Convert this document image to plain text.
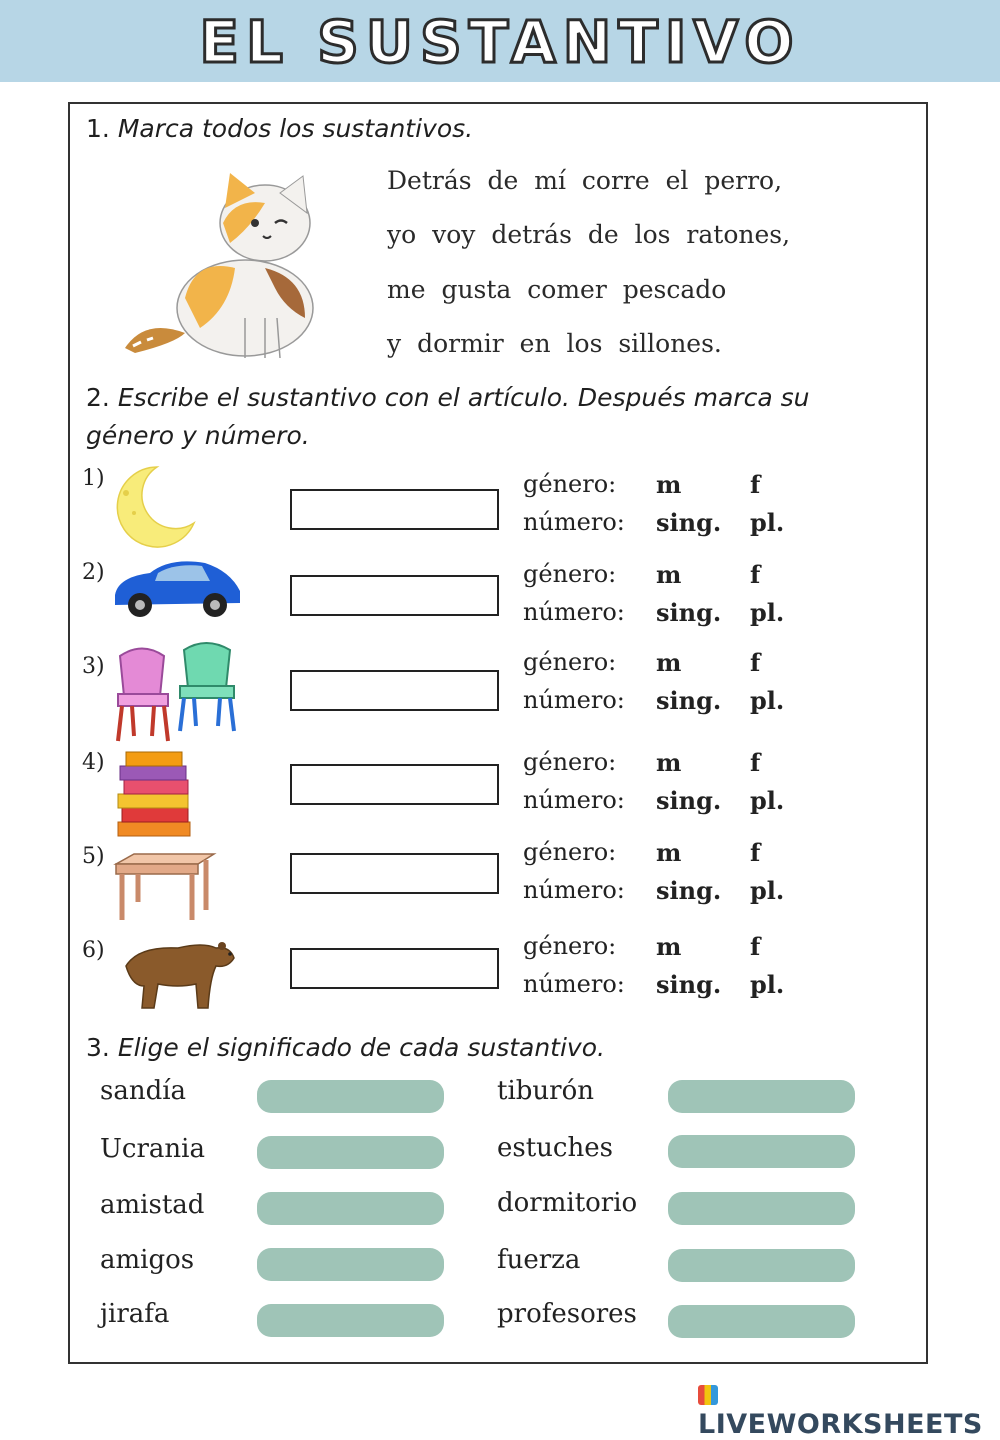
EL SUSTANTIVO
1. Marca todos los sustantivos.
Detrás de mí corre el perro,
yo voy detrás de los ratones,
me gusta comer pescado
y dormir en los sillones.
2. Escribe el sustantivo con el artículo. Después marca su
género y número.
1)	género: m	f
número: sing. pl.
2)	género: m	f
número: sing. pl.
3)	género: m	f
número: sing. pl.
4)	género: m	f
número: sing. pl.
5)	género: m	f
número: sing. pl.
6)	género: m	f
número: sing. pl.
3. Elige el significado de cada sustantivo.
sandía
Ucrania
amistad
amigos
jirafa
tiburón
estuches
dormitorio
fuerza
profesores
LIVEWORKSHEETS
